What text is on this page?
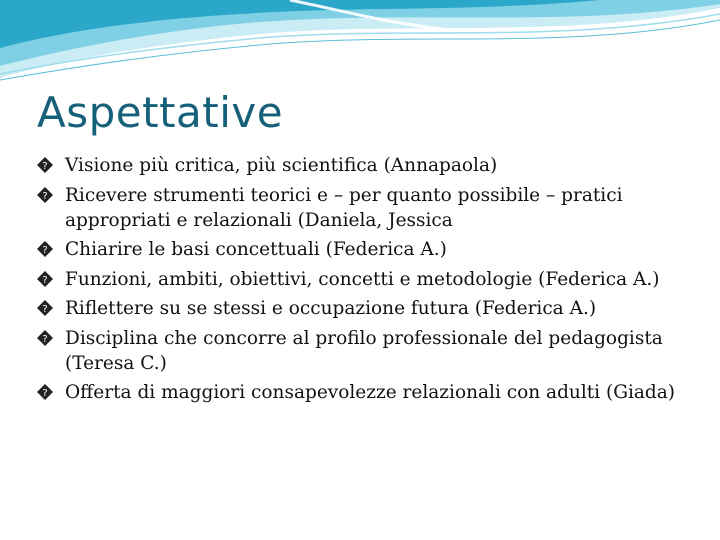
Aspettative
? Visione più critica, più scientifica (Annapaola)
? Ricevere strumenti teorici e – per quanto possibile – pratici appropriati e relazionali (Daniela, Jessica
? Chiarire le basi concettuali (Federica A.)
? Funzioni, ambiti, obiettivi, concetti e metodologie (Federica A.)
? Riflettere su se stessi e occupazione futura (Federica A.)
? Disciplina che concorre al profilo professionale del pedagogista (Teresa C.)
? Offerta di maggiori consapevolezze relazionali con adulti (Giada)
